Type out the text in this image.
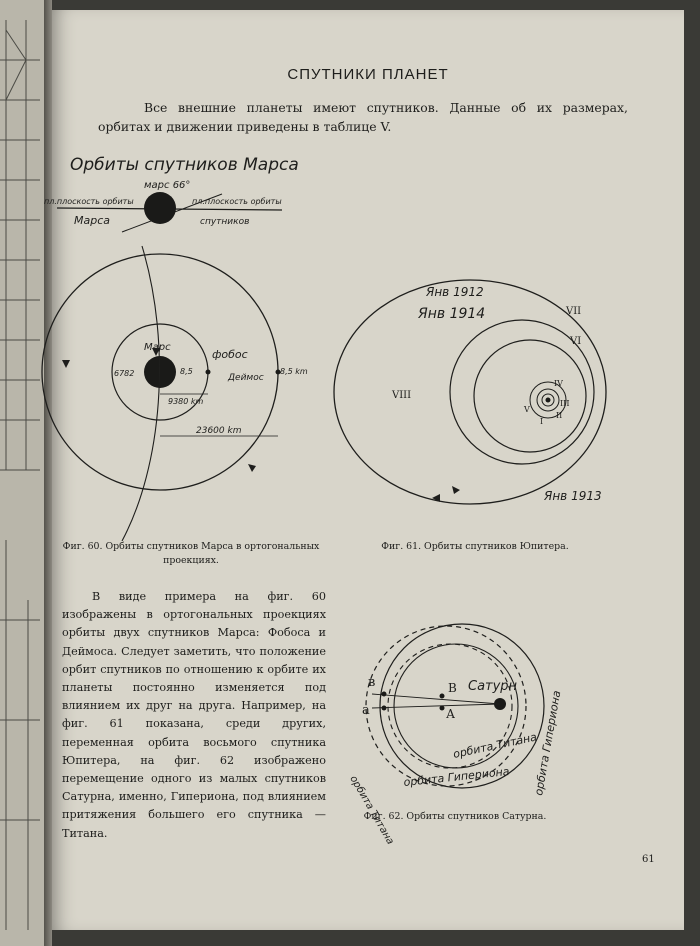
СПУТНИКИ ПЛАНЕТ
Все внешние планеты имеют спутников. Данные об их размерах, орбитах и движении приведены в таблице V.
Орбиты спутников Марса
марс 66°
пл.плоскость орбиты
Марса
пл.плоскость орбиты
спутников
Марс
фобос
Деймос
6782	8,5	8,5 km
9380 km
23600 km
Янв 1912
Янв 1914
Янв 1913
VIII
VII
VI
IV
V
I
II
III
Фиг. 60. Орбиты спутников Марса в ортогональных проекциях.
Фиг. 61. Орбиты спутников Юпитера.
В виде примера на фиг. 60 изображены в ортогональных проекциях орбиты двух спутников Марса: Фобоса и Деймоса. Следует заметить, что положение орбит спутников по отношению к орбите их планеты постоянно изменяется под влиянием их друг на друга. Например, на фиг. 61 показана, среди других, переменная орбита восьмого спутника Юпитера, на фиг. 62 изображено перемещение одного из малых спутников Сатурна, именно, Гипериона, под влиянием притяжения большего его спутника — Титана.
Сатурн
В
А
в
а
орбита Титана
орбита Гипериона
орбита Титана
орбита Гипериона
Фиг. 62. Орбиты спутников Сатурна.
61
